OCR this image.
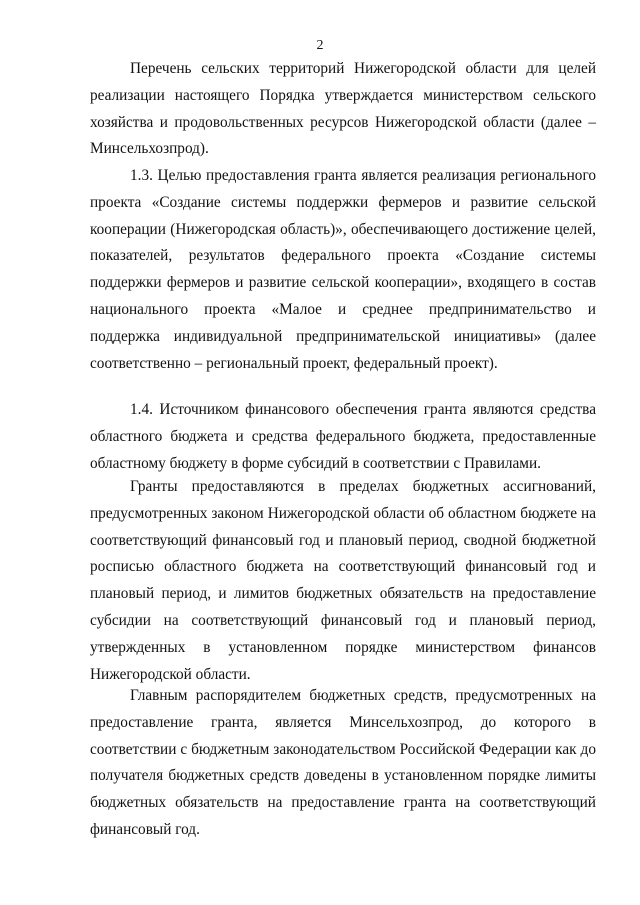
2

Перечень сельских территорий Нижегородской области для целей реализации настоящего Порядка утверждается министерством сельского хозяйства и продовольственных ресурсов Нижегородской области (далее – Минсельхозпрод).

1.3. Целью предоставления гранта является реализация регионального проекта «Создание системы поддержки фермеров и развитие сельской кооперации (Нижегородская область)», обеспечивающего достижение целей, показателей, результатов федерального проекта «Создание системы поддержки фермеров и развитие сельской кооперации», входящего в состав национального проекта «Малое и среднее предпринимательство и поддержка индивидуальной предпринимательской инициативы» (далее соответственно – региональный проект, федеральный проект).

1.4. Источником финансового обеспечения гранта являются средства областного бюджета и средства федерального бюджета, предоставленные областному бюджету в форме субсидий в соответствии с Правилами.

Гранты предоставляются в пределах бюджетных ассигнований, предусмотренных законом Нижегородской области об областном бюджете на соответствующий финансовый год и плановый период, сводной бюджетной росписью областного бюджета на соответствующий финансовый год и плановый период, и лимитов бюджетных обязательств на предоставление субсидии на соответствующий финансовый год и плановый период, утвержденных в установленном порядке министерством финансов Нижегородской области.

Главным распорядителем бюджетных средств, предусмотренных на предоставление гранта, является Минсельхозпрод, до которого в соответствии с бюджетным законодательством Российской Федерации как до получателя бюджетных средств доведены в установленном порядке лимиты бюджетных обязательств на предоставление гранта на соответствующий финансовый год.
